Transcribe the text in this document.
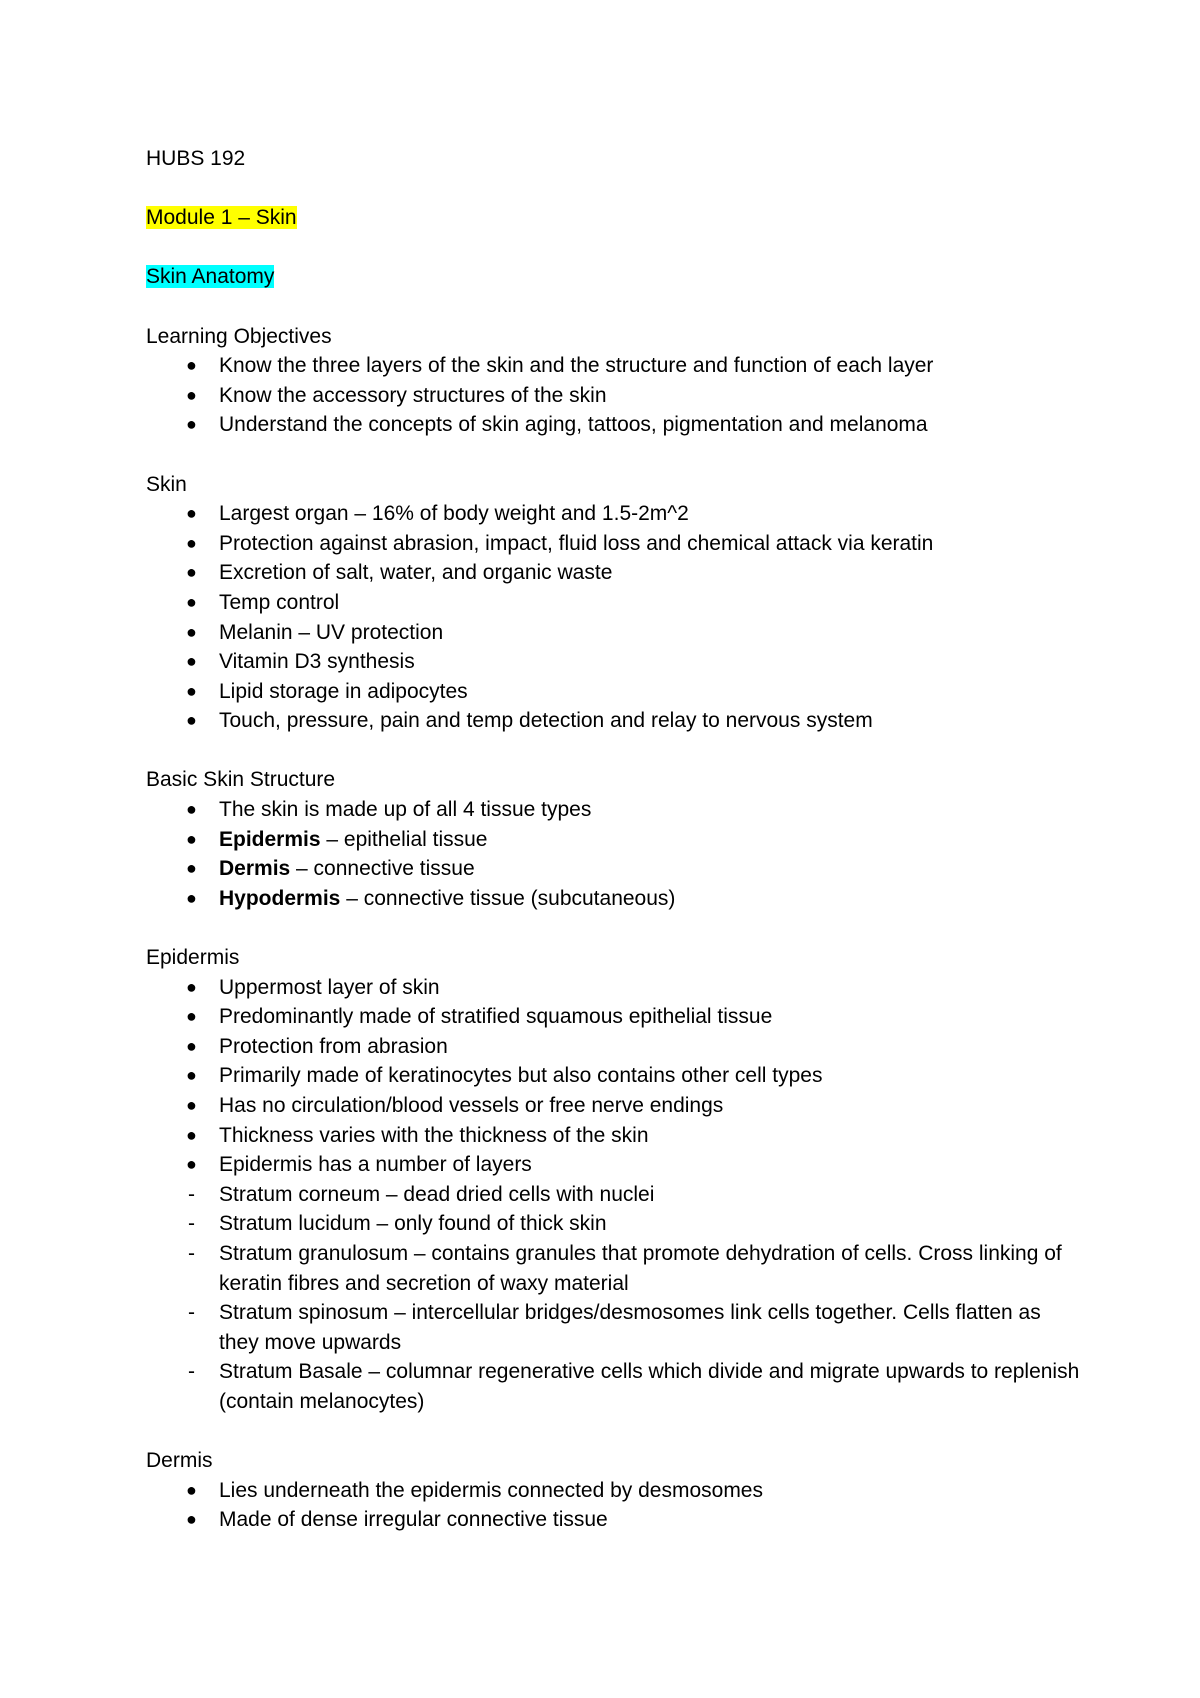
HUBS 192
Module 1 – Skin
Skin Anatomy
Learning Objectives
● Know the three layers of the skin and the structure and function of each layer
● Know the accessory structures of the skin
● Understand the concepts of skin aging, tattoos, pigmentation and melanoma
Skin
● Largest organ – 16% of body weight and 1.5-2m^2
● Protection against abrasion, impact, fluid loss and chemical attack via keratin
● Excretion of salt, water, and organic waste
● Temp control
● Melanin – UV protection
● Vitamin D3 synthesis
● Lipid storage in adipocytes
● Touch, pressure, pain and temp detection and relay to nervous system
Basic Skin Structure
● The skin is made up of all 4 tissue types
● Epidermis – epithelial tissue
● Dermis – connective tissue
● Hypodermis – connective tissue (subcutaneous)
Epidermis
● Uppermost layer of skin
● Predominantly made of stratified squamous epithelial tissue
● Protection from abrasion
● Primarily made of keratinocytes but also contains other cell types
● Has no circulation/blood vessels or free nerve endings
● Thickness varies with the thickness of the skin
● Epidermis has a number of layers
- Stratum corneum – dead dried cells with nuclei
- Stratum lucidum – only found of thick skin
- Stratum granulosum – contains granules that promote dehydration of cells. Cross linking of keratin fibres and secretion of waxy material
- Stratum spinosum – intercellular bridges/desmosomes link cells together. Cells flatten as they move upwards
- Stratum Basale – columnar regenerative cells which divide and migrate upwards to replenish (contain melanocytes)
Dermis
● Lies underneath the epidermis connected by desmosomes
● Made of dense irregular connective tissue
